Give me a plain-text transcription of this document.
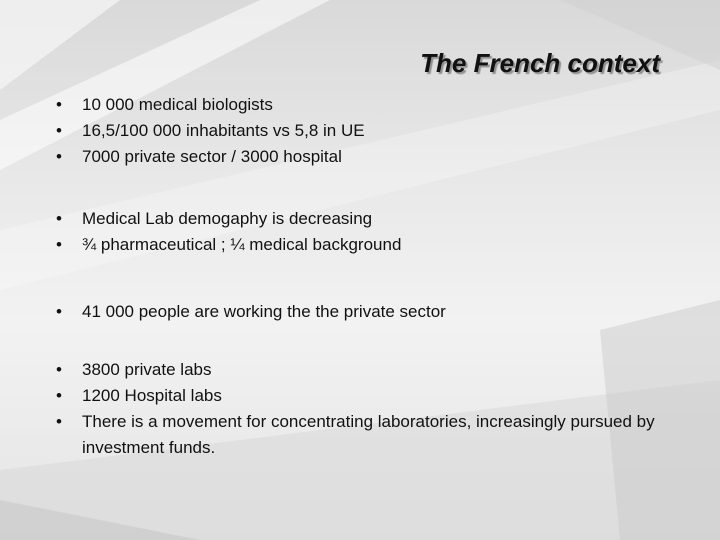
The French context
•	10 000 medical biologists
•	16,5/100 000 inhabitants vs 5,8 in UE
•	7000 private sector / 3000 hospital
•	Medical Lab demogaphy is decreasing
•	¾ pharmaceutical ; ¼ medical background
•	41 000 people are working the the private sector
•	3800 private labs
•	1200 Hospital labs
•	There is a movement for concentrating laboratories, increasingly pursued by investment funds.
